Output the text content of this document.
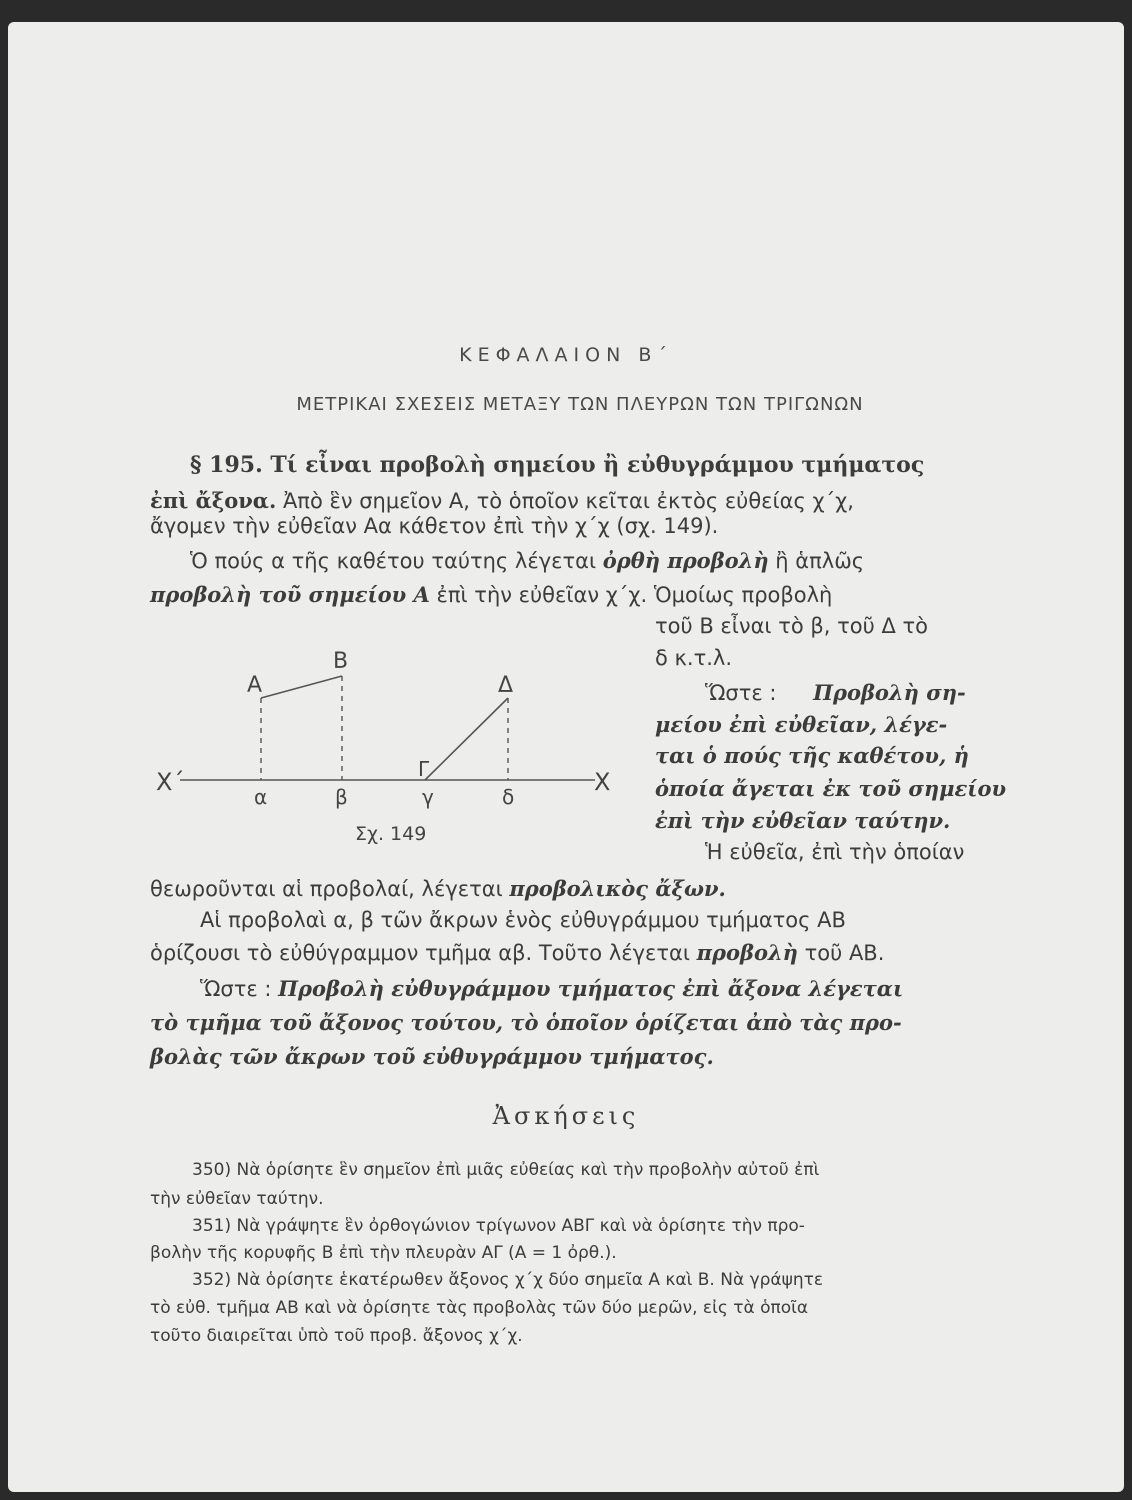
ΚΕΦΑΛΑΙΟΝ Β΄

ΜΕΤΡΙΚΑΙ ΣΧΕΣΕΙΣ ΜΕΤΑΞΥ ΤΩΝ ΠΛΕΥΡΩΝ ΤΩΝ ΤΡΙΓΩΝΩΝ

§ 195. Τί εἶναι προβολὴ σημείου ἢ εὐθυγράμμου τμήματος

ἐπὶ ἄξονα. Ἀπὸ ἓν σημεῖον Α, τὸ ὁποῖον κεῖται ἐκτὸς εὐθείας χ΄χ,

ἄγομεν τὴν εὐθεῖαν Αα κάθετον ἐπὶ τὴν χ΄χ (σχ. 149).

Ὁ πούς α τῆς καθέτου ταύτης λέγεται ὀρθὴ προβολὴ ἢ ἁπλῶς

προβολὴ τοῦ σημείου Α ἐπὶ τὴν εὐθεῖαν χ΄χ. Ὁμοίως προβολὴ

τοῦ Β εἶναι τὸ β, τοῦ Δ τὸ

δ κ.τ.λ.

Ὥστε : Προβολὴ ση-

μείου ἐπὶ εὐθεῖαν, λέγε-

ται ὁ πούς τῆς καθέτου, ἡ

ὁποία ἄγεται ἐκ τοῦ σημείου

ἐπὶ τὴν εὐθεῖαν ταύτην.

Ἡ εὐθεῖα, ἐπὶ τὴν ὁποίαν

θεωροῦνται αἱ προβολαί, λέγεται προβολικὸς ἄξων.

Αἱ προβολαὶ α, β τῶν ἄκρων ἑνὸς εὐθυγράμμου τμήματος ΑΒ

ὁρίζουσι τὸ εὐθύγραμμον τμῆμα αβ. Τοῦτο λέγεται προβολὴ τοῦ ΑΒ.

Ὥστε : Προβολὴ εὐθυγράμμου τμήματος ἐπὶ ἄξονα λέγεται

τὸ τμῆμα τοῦ ἄξονος τούτου, τὸ ὁποῖον ὁρίζεται ἀπὸ τὰς προ-

βολὰς τῶν ἄκρων τοῦ εὐθυγράμμου τμήματος.

Α
Β
Δ
Γ
Χ΄	Χ
α	β	γ	δ
Σχ. 149

Ἀσκήσεις

350) Νὰ ὁρίσητε ἓν σημεῖον ἐπὶ μιᾶς εὐθείας καὶ τὴν προβολὴν αὐτοῦ ἐπὶ

τὴν εὐθεῖαν ταύτην.

351) Νὰ γράψητε ἓν ὀρθογώνιον τρίγωνον ΑΒΓ καὶ νὰ ὁρίσητε τὴν προ-

βολὴν τῆς κορυφῆς Β ἐπὶ τὴν πλευρὰν ΑΓ (Α = 1 ὀρθ.).

352) Νὰ ὁρίσητε ἑκατέρωθεν ἄξονος χ΄χ δύο σημεῖα Α καὶ Β. Νὰ γράψητε

τὸ εὐθ. τμῆμα ΑΒ καὶ νὰ ὁρίσητε τὰς προβολὰς τῶν δύο μερῶν, εἰς τὰ ὁποῖα

τοῦτο διαιρεῖται ὑπὸ τοῦ προβ. ἄξονος χ΄χ.
